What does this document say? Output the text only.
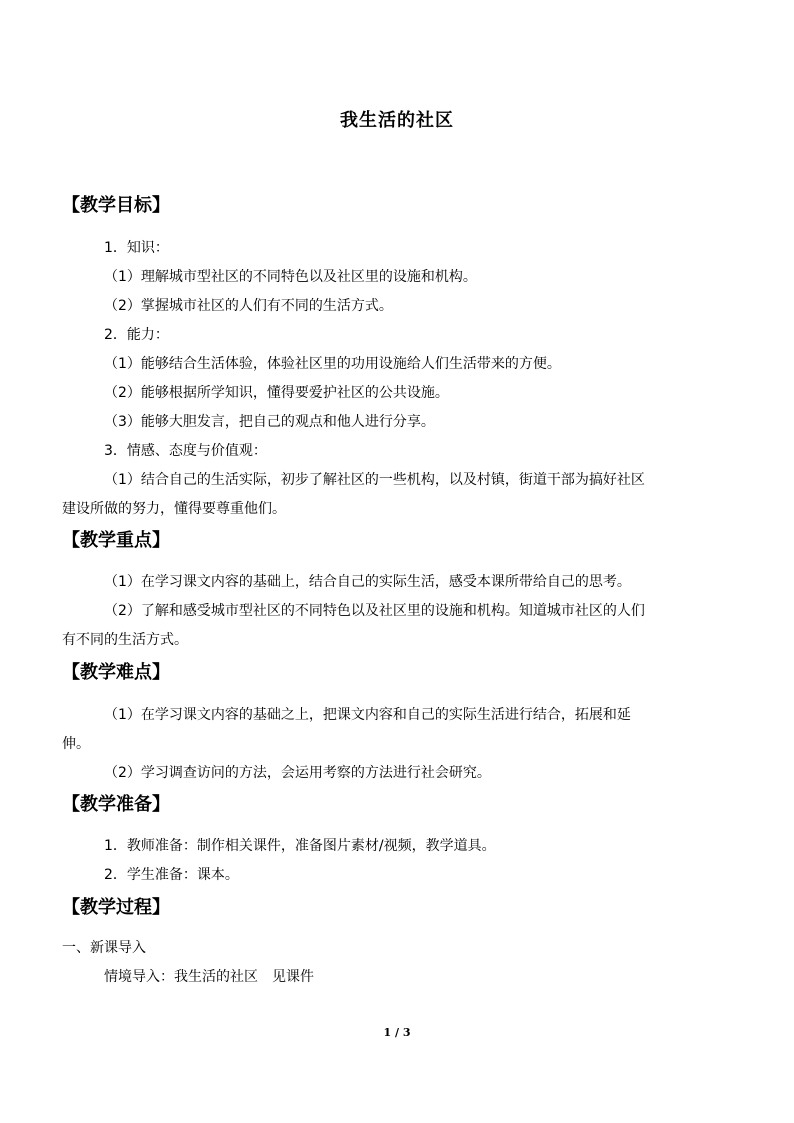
我生活的社区
【教学目标】
1．知识：
（1）理解城市型社区的不同特色以及社区里的设施和机构。
（2）掌握城市社区的人们有不同的生活方式。
2．能力：
（1）能够结合生活体验，体验社区里的功用设施给人们生活带来的方便。
（2）能够根据所学知识，懂得要爱护社区的公共设施。
（3）能够大胆发言，把自己的观点和他人进行分享。
3．情感、态度与价值观：
（1）结合自己的生活实际，初步了解社区的一些机构，以及村镇，街道干部为搞好社区
建设所做的努力，懂得要尊重他们。
【教学重点】
（1）在学习课文内容的基础上，结合自己的实际生活，感受本课所带给自己的思考。
（2）了解和感受城市型社区的不同特色以及社区里的设施和机构。知道城市社区的人们
有不同的生活方式。
【教学难点】
（1）在学习课文内容的基础之上，把课文内容和自己的实际生活进行结合，拓展和延
伸。
（2）学习调查访问的方法，会运用考察的方法进行社会研究。
【教学准备】
1．教师准备：制作相关课件，准备图片素材/视频，教学道具。
2．学生准备：课本。
【教学过程】
一、新课导入
情境导入：我生活的社区　见课件
1 / 3
